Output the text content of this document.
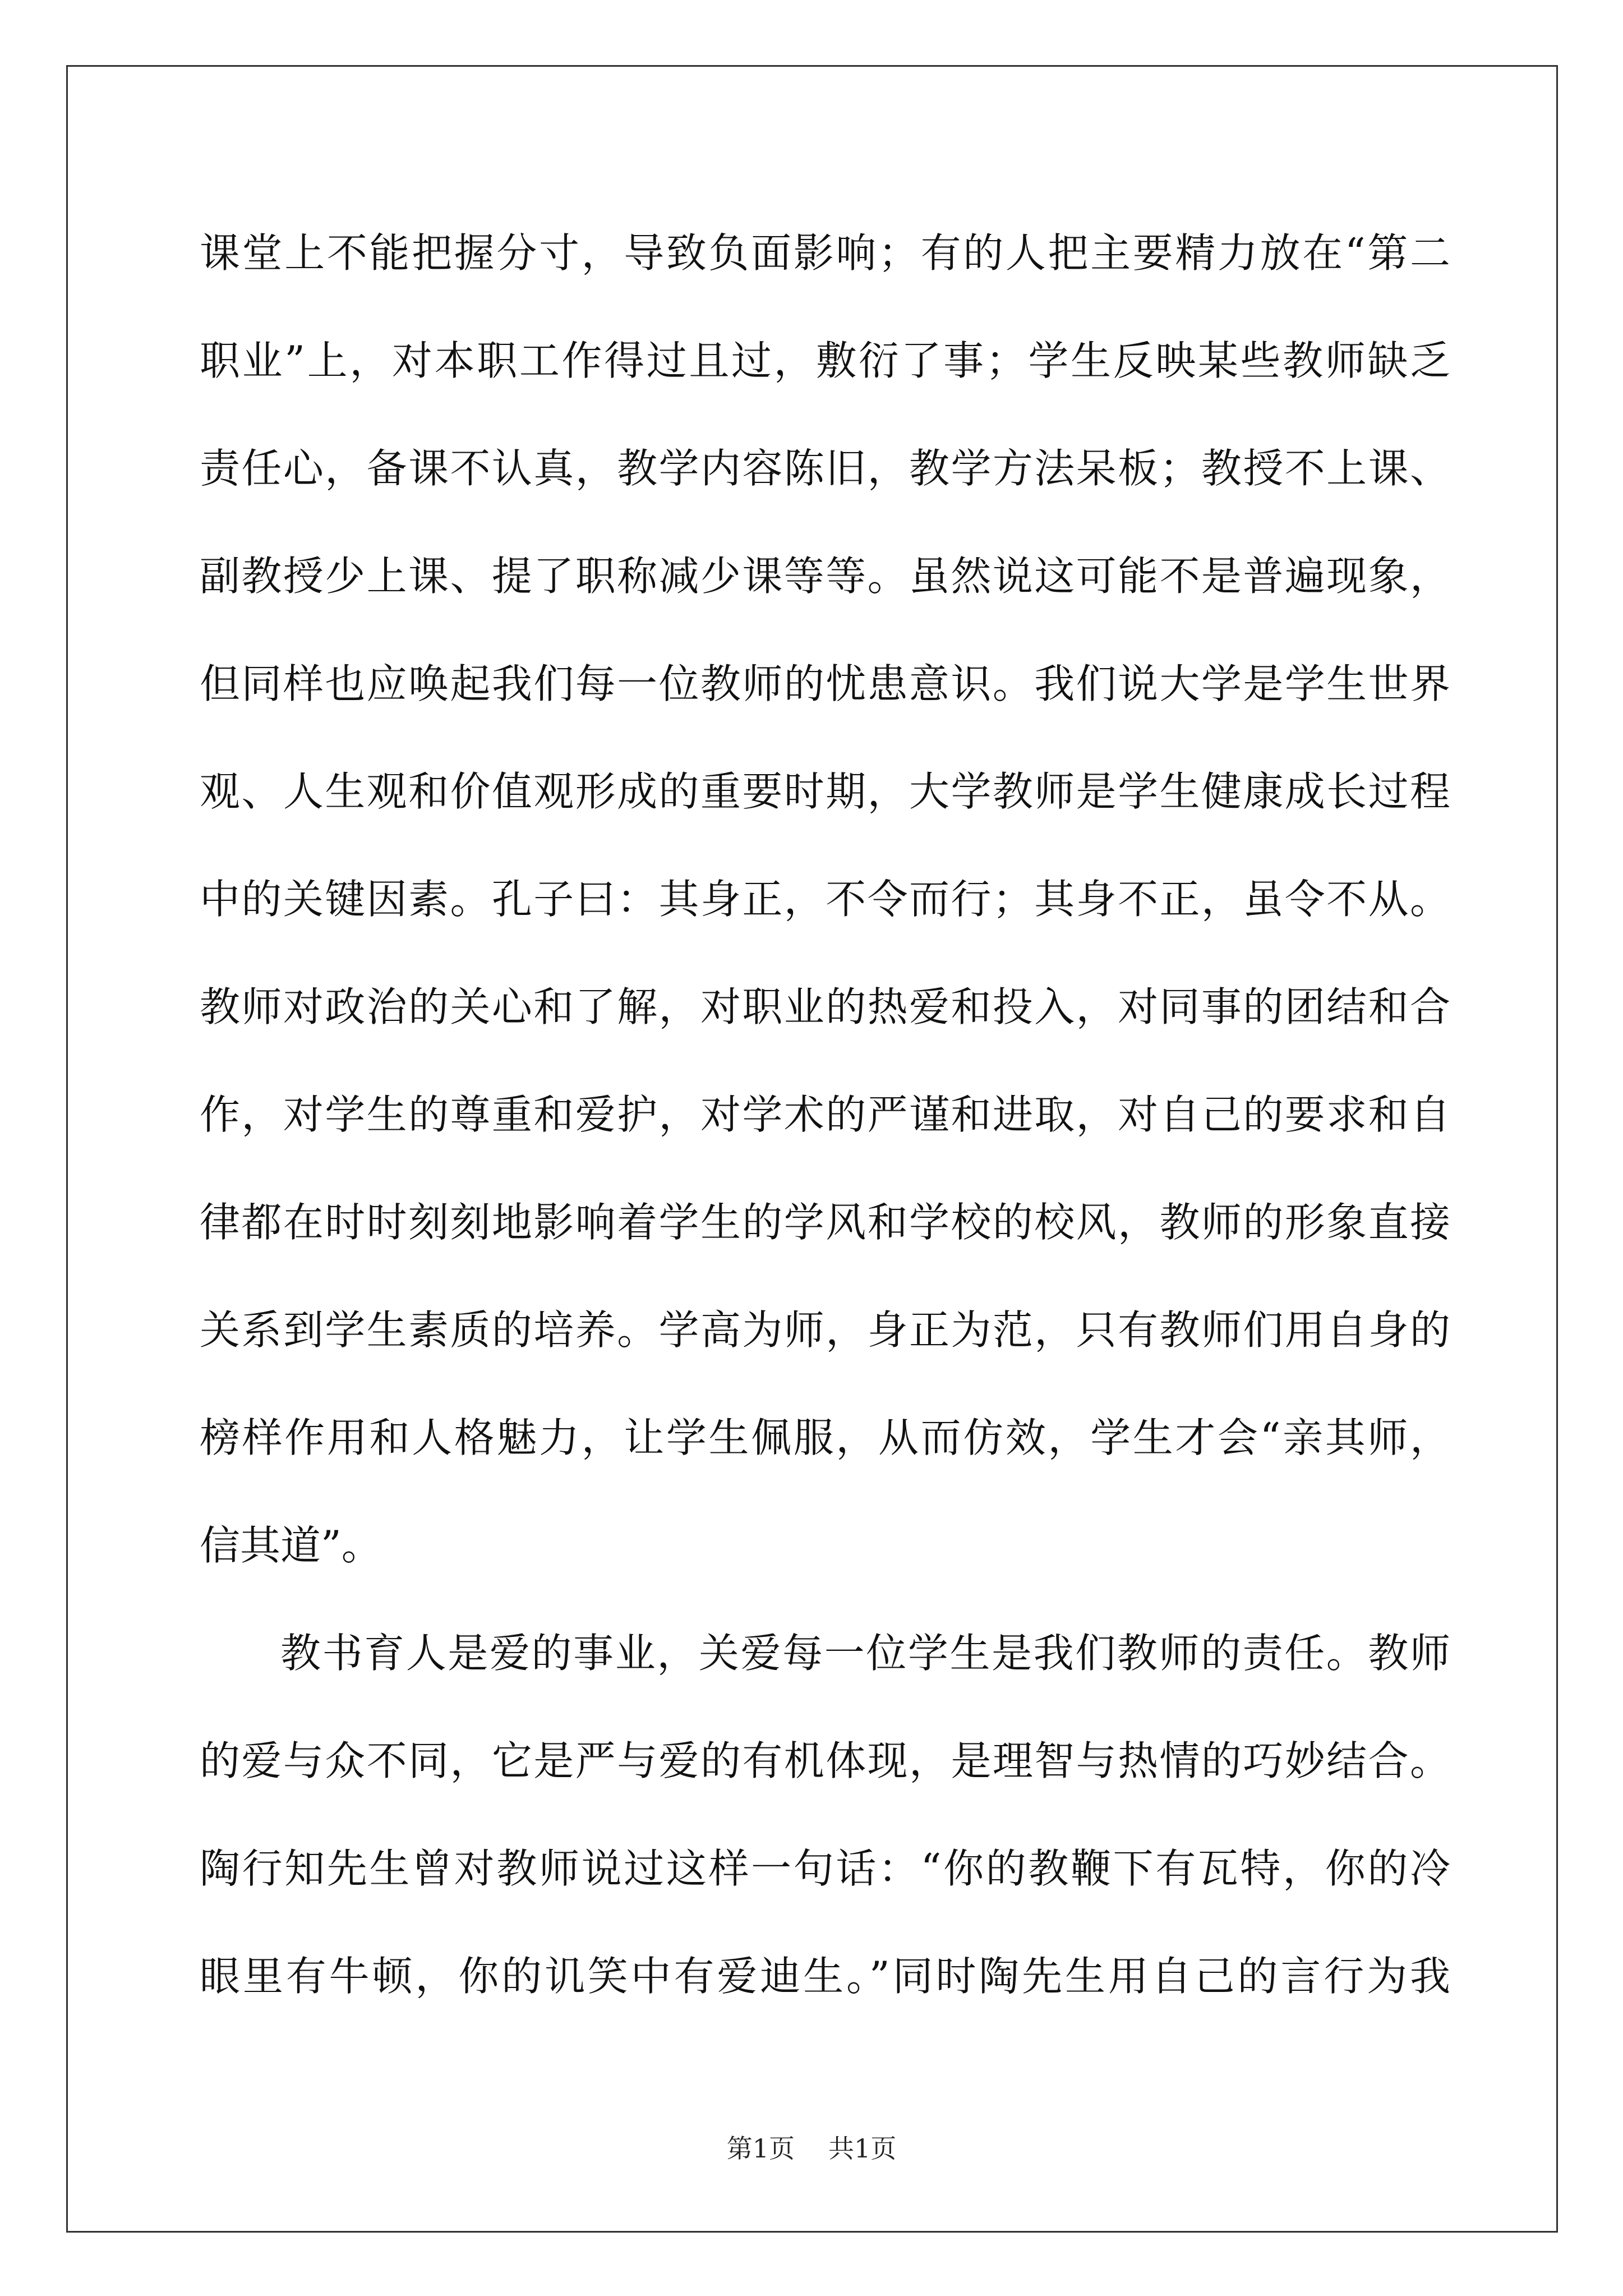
课堂上不能把握分寸，导致负面影响；有的人把主要精力放在“第二
职业”上，对本职工作得过且过，敷衍了事；学生反映某些教师缺乏
责任心，备课不认真，教学内容陈旧，教学方法呆板；教授不上课、
副教授少上课、提了职称减少课等等。虽然说这可能不是普遍现象，
但同样也应唤起我们每一位教师的忧患意识。我们说大学是学生世界
观、人生观和价值观形成的重要时期，大学教师是学生健康成长过程
中的关键因素。孔子曰：其身正，不令而行；其身不正，虽令不从。
教师对政治的关心和了解，对职业的热爱和投入，对同事的团结和合
作，对学生的尊重和爱护，对学术的严谨和进取，对自己的要求和自
律都在时时刻刻地影响着学生的学风和学校的校风，教师的形象直接
关系到学生素质的培养。学高为师，身正为范，只有教师们用自身的
榜样作用和人格魅力，让学生佩服，从而仿效，学生才会“亲其师，
信其道”。
教书育人是爱的事业，关爱每一位学生是我们教师的责任。教师
的爱与众不同，它是严与爱的有机体现，是理智与热情的巧妙结合。
陶行知先生曾对教师说过这样一句话：“你的教鞭下有瓦特，你的冷
眼里有牛顿，你的讥笑中有爱迪生。”同时陶先生用自己的言行为我
第1页 共1页
